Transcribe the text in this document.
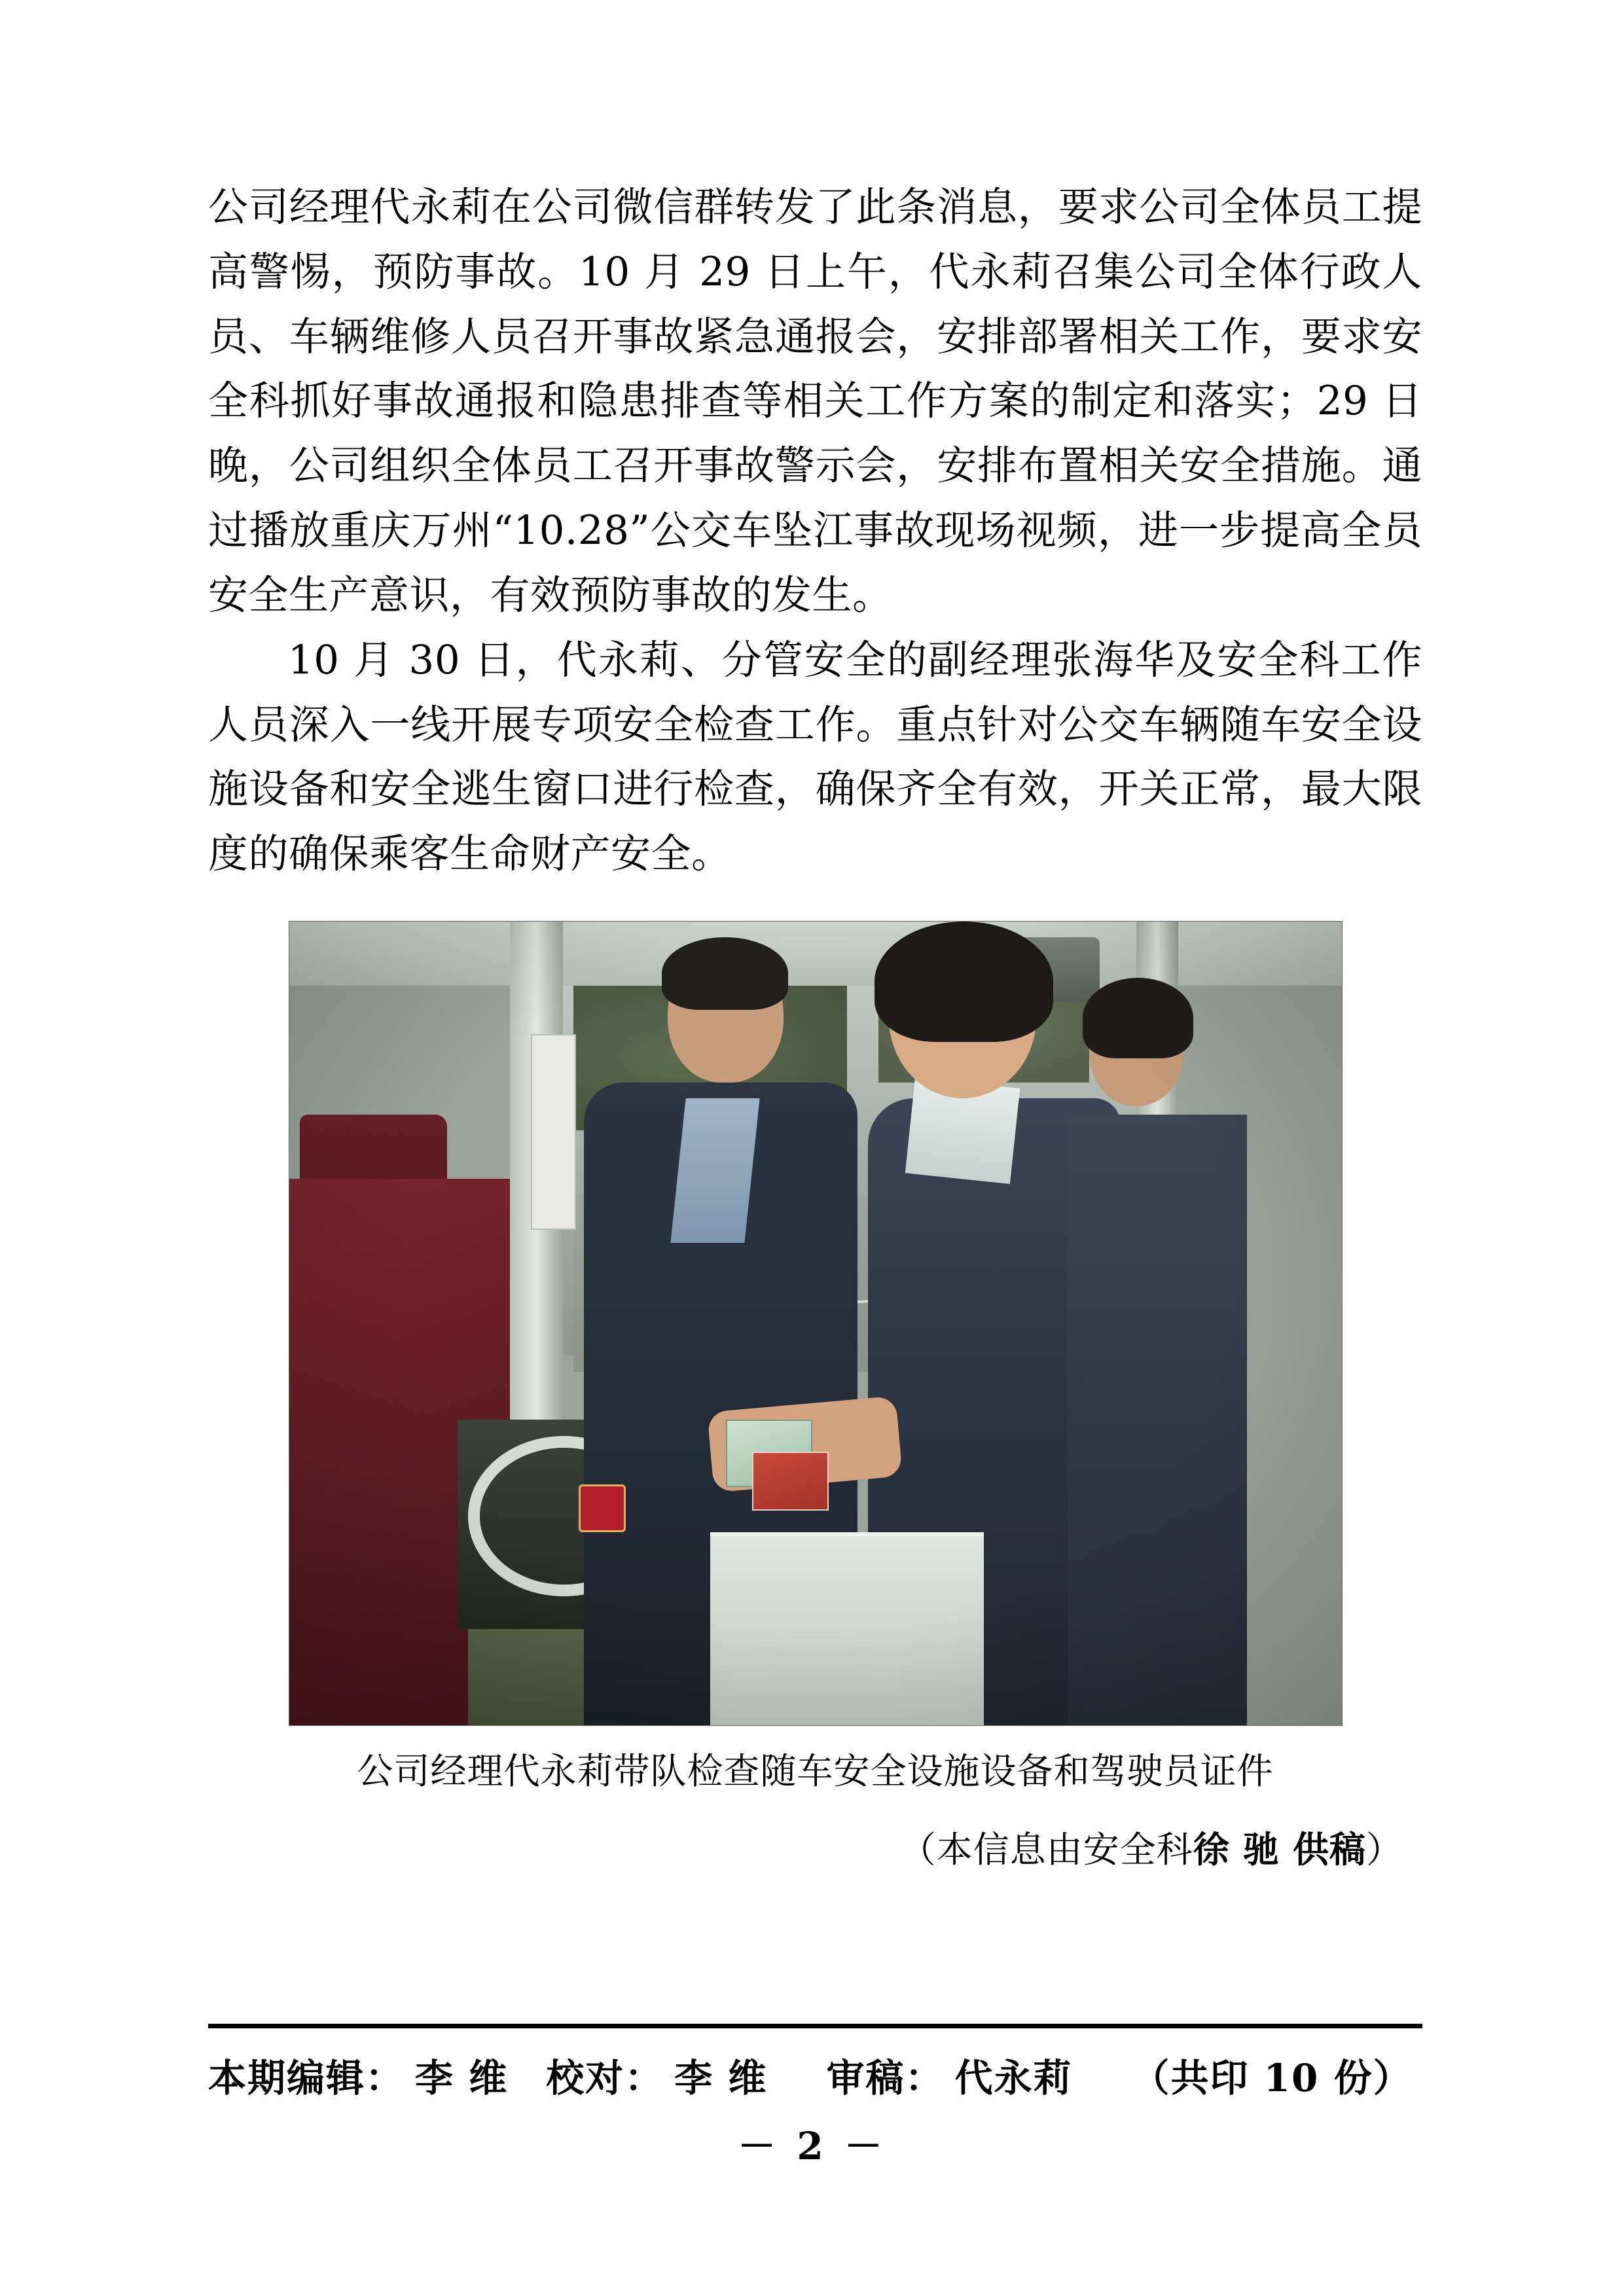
公司经理代永莉在公司微信群转发了此条消息，要求公司全体员工提高警惕，预防事故。10 月 29 日上午，代永莉召集公司全体行政人员、车辆维修人员召开事故紧急通报会，安排部署相关工作，要求安全科抓好事故通报和隐患排查等相关工作方案的制定和落实；29 日晚，公司组织全体员工召开事故警示会，安排布置相关安全措施。通过播放重庆万州“10.28”公交车坠江事故现场视频，进一步提高全员安全生产意识，有效预防事故的发生。

10 月 30 日，代永莉、分管安全的副经理张海华及安全科工作人员深入一线开展专项安全检查工作。重点针对公交车辆随车安全设施设备和安全逃生窗口进行检查，确保齐全有效，开关正常，最大限度的确保乘客生命财产安全。

公司经理代永莉带队检查随车安全设施设备和驾驶员证件
（本信息由安全科徐 驰 供稿）
本期编辑： 李 维 校对： 李 维 审稿： 代永莉 （共印 10 份）
－ 2 －
